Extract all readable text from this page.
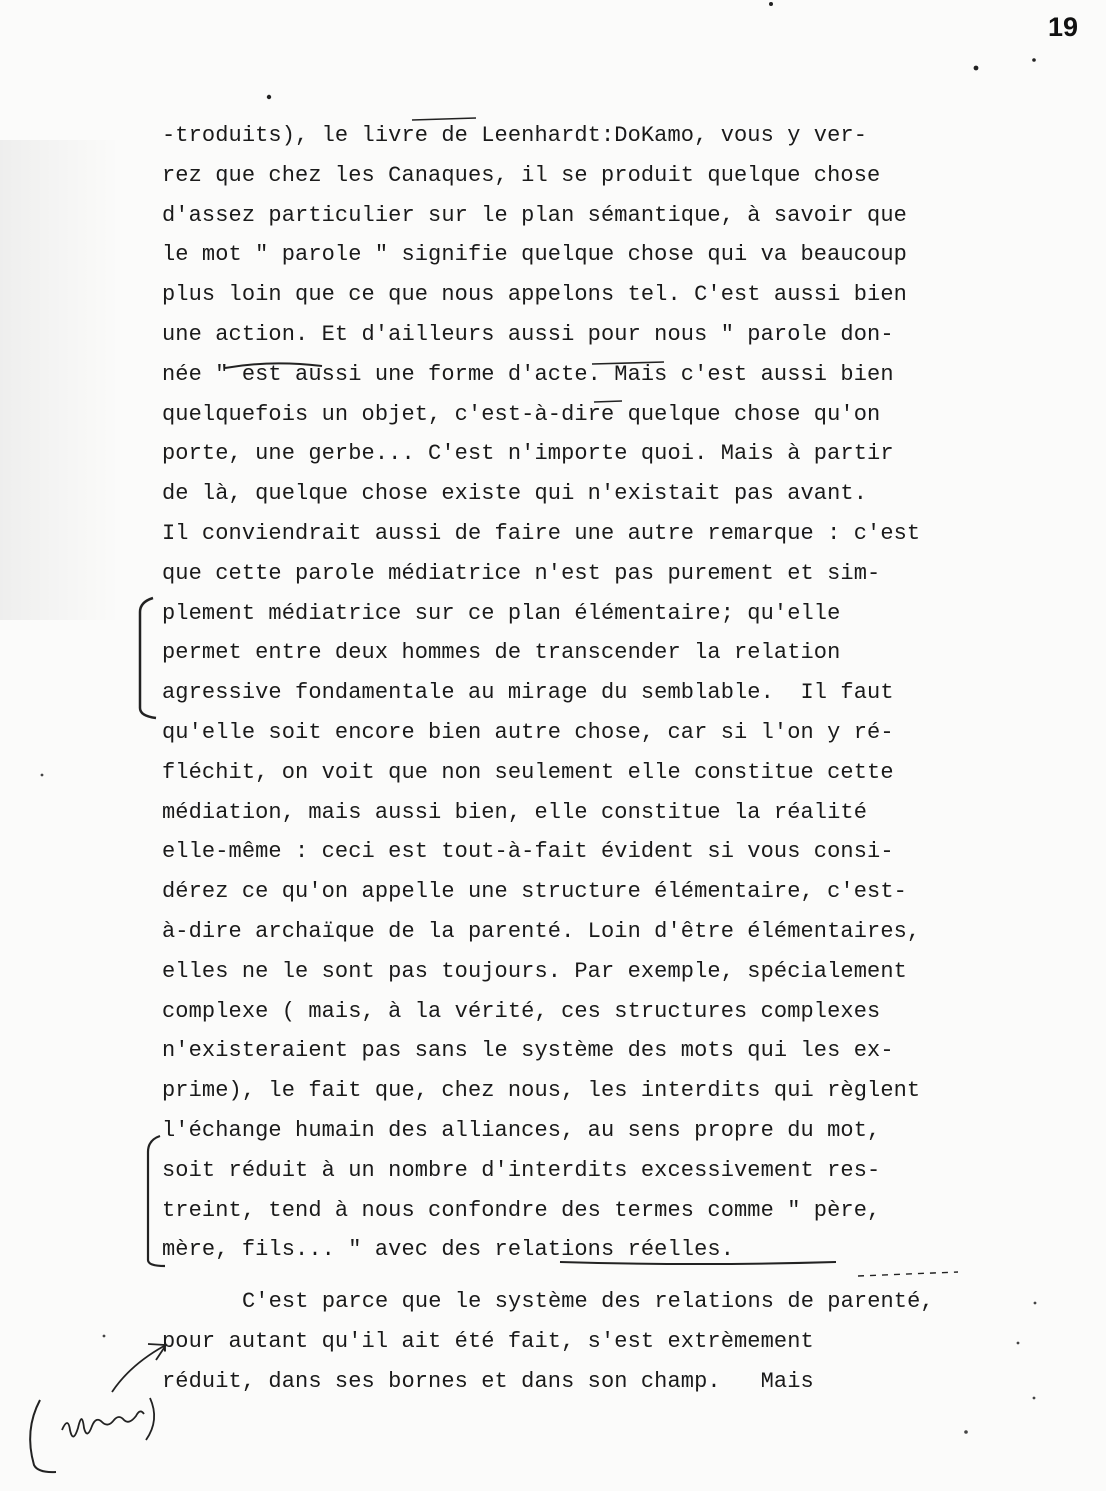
19
-troduits), le livre de Leenhardt:DoKamo, vous y ver-
rez que chez les Canaques, il se produit quelque chose
d'assez particulier sur le plan sémantique, à savoir que
le mot " parole " signifie quelque chose qui va beaucoup
plus loin que ce que nous appelons tel. C'est aussi bien
une action. Et d'ailleurs aussi pour nous " parole don-
née " est aussi une forme d'acte. Mais c'est aussi bien
quelquefois un objet, c'est-à-dire quelque chose qu'on
porte, une gerbe... C'est n'importe quoi. Mais à partir
de là, quelque chose existe qui n'existait pas avant.
Il conviendrait aussi de faire une autre remarque : c'est
que cette parole médiatrice n'est pas purement et sim-
plement médiatrice sur ce plan élémentaire; qu'elle
permet entre deux hommes de transcender la relation
agressive fondamentale au mirage du semblable.  Il faut
qu'elle soit encore bien autre chose, car si l'on y ré-
fléchit, on voit que non seulement elle constitue cette
médiation, mais aussi bien, elle constitue la réalité
elle-même : ceci est tout-à-fait évident si vous consi-
dérez ce qu'on appelle une structure élémentaire, c'est-
à-dire archaïque de la parenté. Loin d'être élémentaires,
elles ne le sont pas toujours. Par exemple, spécialement
complexe ( mais, à la vérité, ces structures complexes
n'existeraient pas sans le système des mots qui les ex-
prime), le fait que, chez nous, les interdits qui règlent
l'échange humain des alliances, au sens propre du mot,
soit réduit à un nombre d'interdits excessivement res-
treint, tend à nous confondre des termes comme " père,
mère, fils... " avec des relations réelles.
C'est parce que le système des relations de parenté,
pour autant qu'il ait été fait, s'est extrèmement
réduit, dans ses bornes et dans son champ.   Mais
